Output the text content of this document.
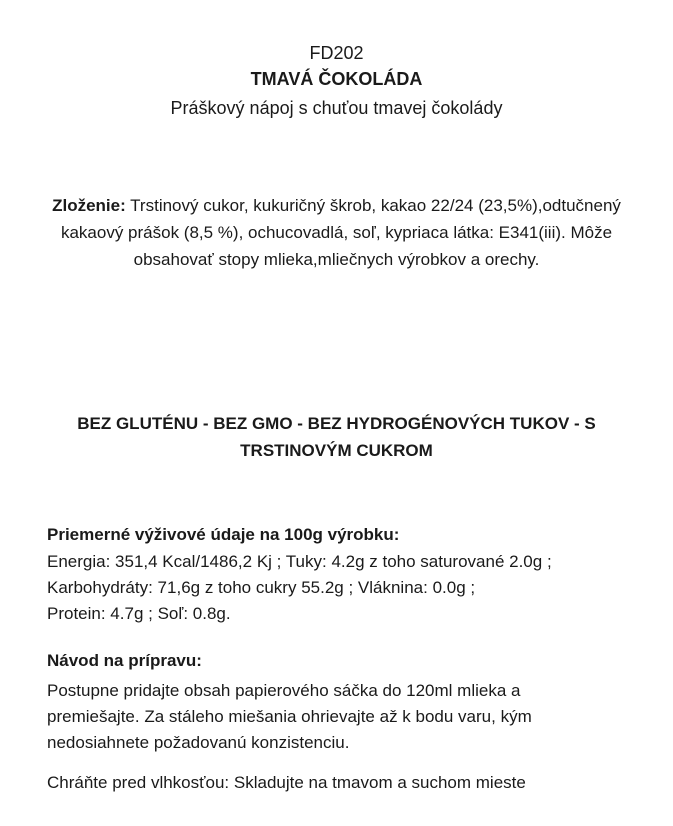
FD202
TMAVÁ ČOKOLÁDA
Práškový nápoj s chuťou tmavej čokolády
Zloženie: Trstinový cukor, kukuričný škrob, kakao 22/24 (23,5%),odtučnený kakaový prášok (8,5 %), ochucovadlá, soľ, kypriaca látka: E341(iii). Môže obsahovať stopy mlieka,mliečnych výrobkov a orechy.
BEZ GLUTÉNU - BEZ GMO - BEZ HYDROGÉNOVÝCH TUKOV - S TRSTINOVÝM CUKROM
Priemerné výživové údaje na 100g výrobku:
Energia: 351,4 Kcal/1486,2 Kj ; Tuky: 4.2g z toho saturované 2.0g ;
Karbohydráty: 71,6g z toho cukry 55.2g ; Vláknina: 0.0g ;
Protein: 4.7g ; Soľ: 0.8g.
Návod na prípravu:
Postupne pridajte obsah papierového sáčka do 120ml mlieka a premiešajte. Za stáleho miešania ohrievajte až k bodu varu, kým nedosiahnete požadovanú konzistenciu.
Chráňte pred vlhkosťou: Skladujte na tmavom a suchom mieste
